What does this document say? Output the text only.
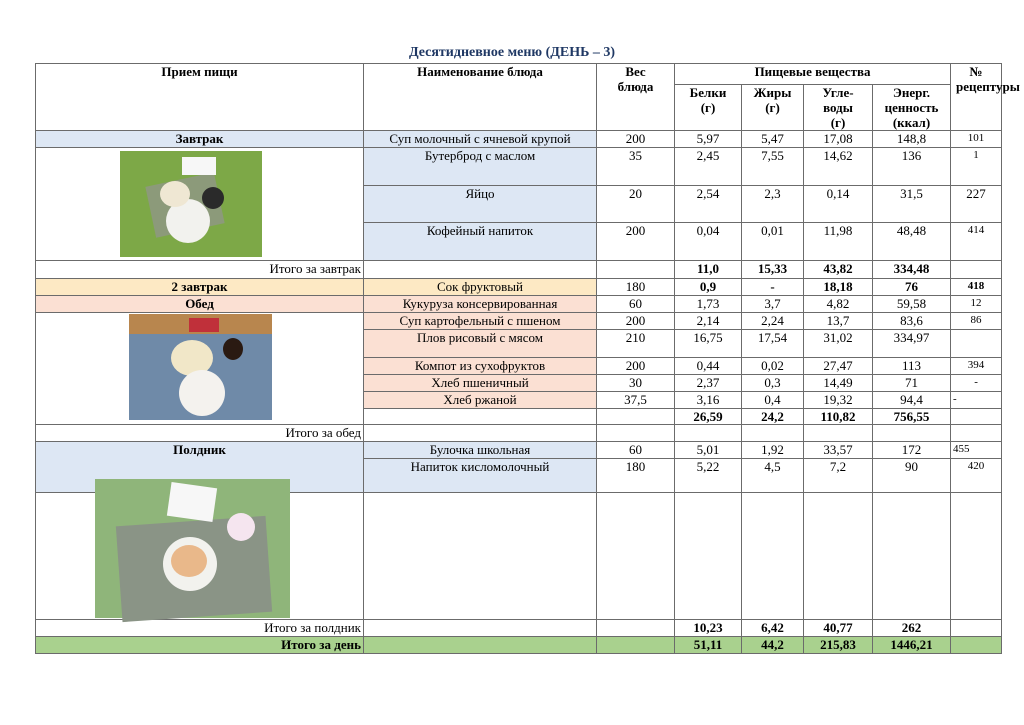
Десятидневное меню (ДЕНЬ – 3)
Прием пищи	Наименование блюда	Вес блюда	Пищевые вещества				№ рецептуры

			Белки (г)	Жиры (г)	Угле-воды (г)	Энерг. ценность (ккал)	

Завтрак	Суп молочный с ячневой крупой	200	5,97	5,47	17,08	148,8	101

	Бутерброд с маслом	35	2,45	7,55	14,62	136	1
	Яйцо	20	2,54	2,3	0,14	31,5	227
	Кофейный напиток	200	0,04	0,01	11,98	48,48	414
Итого за завтрак			11,0	15,33	43,82	334,48	
2 завтрак	Сок фруктовый	180	0,9	-	18,18	76	418
Обед	Кукуруза консервированная	60	1,73	3,7	4,82	59,58	12

	Суп картофельный с пшеном	200	2,14	2,24	13,7	83,6	86
	Плов рисовый с мясом	210	16,75	17,54	31,02	334,97	
	Компот из сухофруктов	200	0,44	0,02	27,47	113	394
	Хлеб пшеничный	30	2,37	0,3	14,49	71	-
	Хлеб ржаной	37,5	3,16	0,4	19,32	94,4	-
			26,59	24,2	110,82	756,55	
Итого за обед							
Полдник	Булочка школьная	60	5,01	1,92	33,57	172	455
	Напиток кисломолочный	180	5,22	4,5	7,2	90	420

Итого за полдник			10,23	6,42	40,77	262	
Итого за день			51,11	44,2	215,83	1446,21	
